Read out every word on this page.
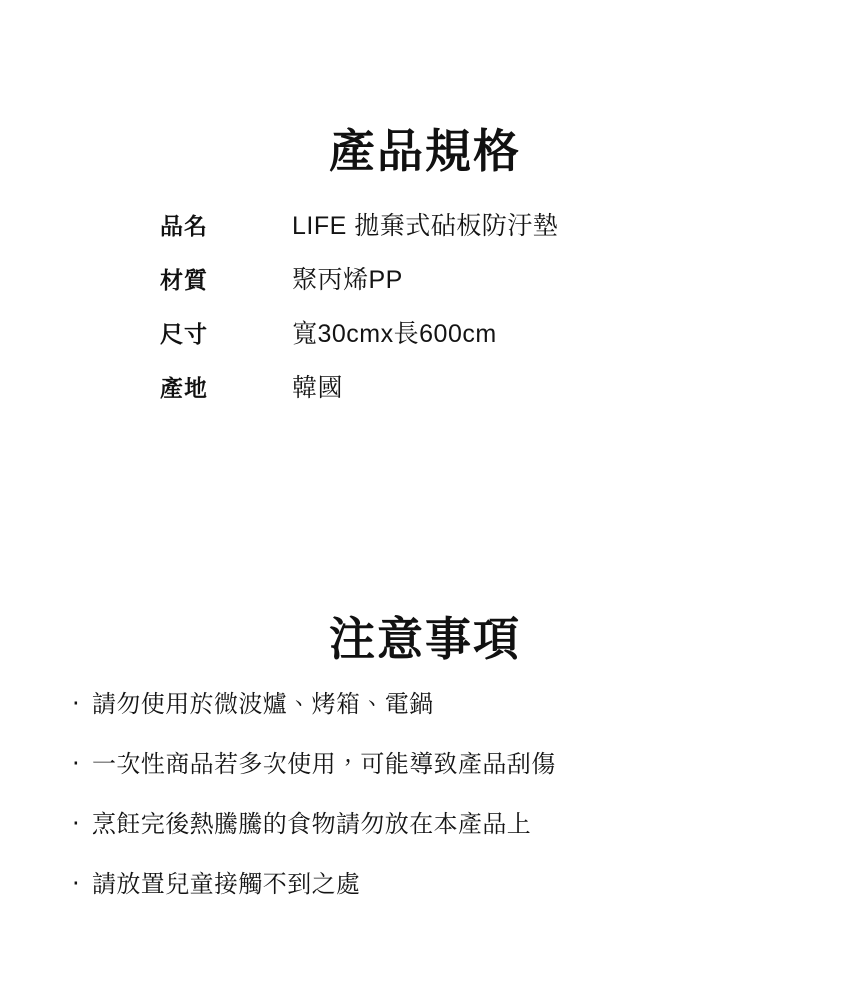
產品規格
品名	LIFE 拋棄式砧板防汙墊
材質	聚丙烯PP
尺寸	寬30cmx長600cm
產地	韓國
注意事項
‧ 請勿使用於微波爐、烤箱、電鍋
‧ 一次性商品若多次使用，可能導致產品刮傷
‧ 烹飪完後熱騰騰的食物請勿放在本產品上
‧ 請放置兒童接觸不到之處
